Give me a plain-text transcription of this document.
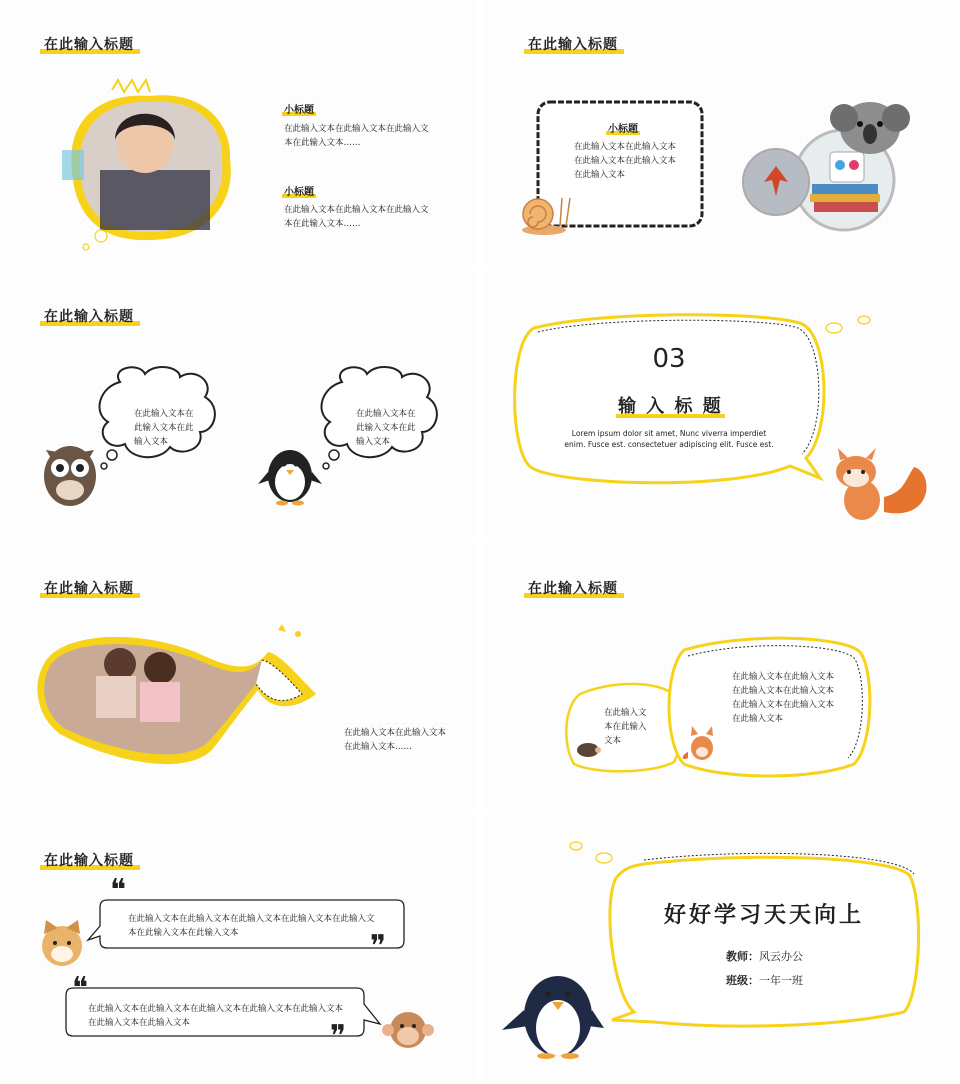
在此输入标题
小标题
在此输入文本在此输入文本在此输入文本在此输入文本……
小标题
在此输入文本在此输入文本在此输入文本在此输入文本……
在此输入标题
小标题
在此输入文本在此输入文本在此输入文本在此输入文本在此输入文本
在此输入标题
在此输入文本在此输入文本在此输入文本
在此输入文本在此输入文本在此输入文本
03
输 入 标 题
Lorem ipsum dolor sit amet, Nunc viverra imperdiet enim. Fusce est. consectetuer adipiscing elit. Fusce est.
在此输入标题
在此输入文本在此输入文本在此输入文本……
在此输入标题
在此输入文本在此输入文本
在此输入文本在此输入文本在此输入文本在此输入文本在此输入文本在此输入文本在此输入文本
在此输入标题
❝
❞
在此输入文本在此输入文本在此输入文本在此输入文本在此输入文本在此输入文本在此输入文本
❝
❞
在此输入文本在此输入文本在此输入文本在此输入文本在此输入文本在此输入文本在此输入文本
好好学习天天向上
教师：风云办公
班级：一年一班
